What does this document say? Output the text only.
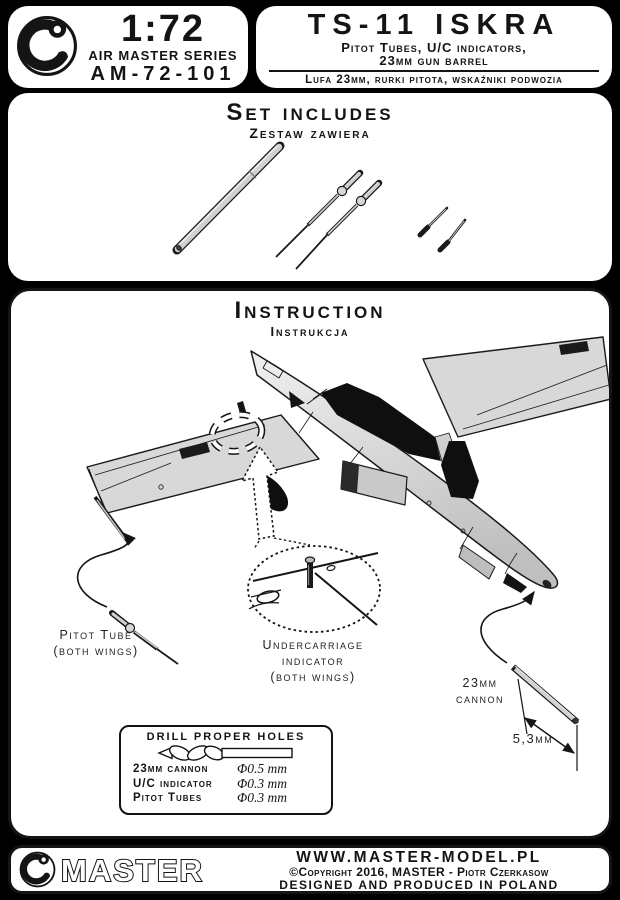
1:72
AIR MASTER SERIES
AM-72-101
TS-11 ISKRA
Pitot Tubes, U/C indicators,
23mm gun barrel
Lufa 23mm, rurki pitota, wskaźniki podwozia
Set includes
Zestaw zawiera
Instruction
Instrukcja
Pitot Tube
(both wings)	Undercarriage
indicator
(both wings)	23mm
cannon
5,3mm
DRILL PROPER HOLES
23mm cannon	Φ0.5 mm
U/C indicator	Φ0.3 mm
Pitot Tubes	Φ0.3 mm
MASTER	WWW.MASTER-MODEL.PL
©Copyright 2016, MASTER - Piotr Czerkasow
DESIGNED AND PRODUCED IN POLAND
